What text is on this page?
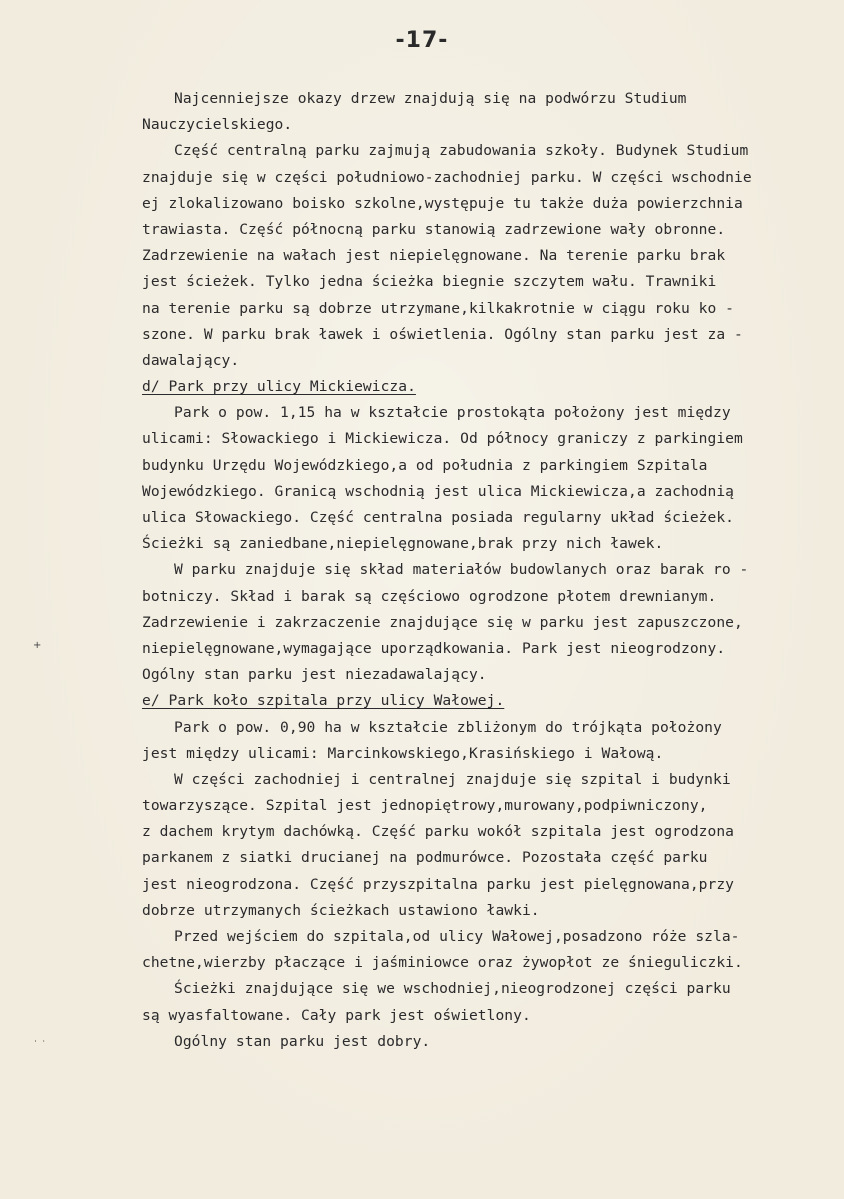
-17-
Najcenniejsze okazy drzew znajdują się na podwórzu Studium
Nauczycielskiego.
Część centralną parku zajmują zabudowania szkoły. Budynek Studium
znajduje się w części południowo-zachodniej parku. W części wschodnie
ej zlokalizowano boisko szkolne,występuje tu także duża powierzchnia
trawiasta. Część północną parku stanowią zadrzewione wały obronne.
Zadrzewienie na wałach jest niepielęgnowane. Na terenie parku brak
jest ścieżek. Tylko jedna ścieżka biegnie szczytem wału. Trawniki
na terenie parku są dobrze utrzymane,kilkakrotnie w ciągu roku ko -
szone. W parku brak ławek i oświetlenia. Ogólny stan parku jest za -
dawalający.
d/ Park przy ulicy Mickiewicza.
Park o pow. 1,15 ha w kształcie prostokąta położony jest między
ulicami: Słowackiego i Mickiewicza. Od północy graniczy z parkingiem
budynku Urzędu Wojewódzkiego,a od południa z parkingiem Szpitala
Wojewódzkiego. Granicą wschodnią jest ulica Mickiewicza,a zachodnią
ulica Słowackiego. Część centralna posiada regularny układ ścieżek.
Ścieżki są zaniedbane,niepielęgnowane,brak przy nich ławek.
W parku znajduje się skład materiałów budowlanych oraz barak ro -
botniczy. Skład i barak są częściowo ogrodzone płotem drewnianym.
Zadrzewienie i zakrzaczenie znajdujące się w parku jest zapuszczone,
niepielęgnowane,wymagające uporządkowania. Park jest nieogrodzony.
Ogólny stan parku jest niezadawalający.
e/ Park koło szpitala przy ulicy Wałowej.
Park o pow. 0,90 ha w kształcie zbliżonym do trójkąta położony
jest między ulicami: Marcinkowskiego,Krasińskiego i Wałową.
W części zachodniej i centralnej znajduje się szpital i budynki
towarzyszące. Szpital jest jednopiętrowy,murowany,podpiwniczony,
z dachem krytym dachówką. Część parku wokół szpitala jest ogrodzona
parkanem z siatki drucianej na podmurówce. Pozostała część parku
jest nieogrodzona. Część przyszpitalna parku jest pielęgnowana,przy
dobrze utrzymanych ścieżkach ustawiono ławki.
Przed wejściem do szpitala,od ulicy Wałowej,posadzono róże szla-
chetne,wierzby płaczące i jaśminiowce oraz żywopłot ze śnieguliczki.
Ścieżki znajdujące się we wschodniej,nieogrodzonej części parku
są wyasfaltowane. Cały park jest oświetlony.
Ogólny stan parku jest dobry.
+
˙ ˙
